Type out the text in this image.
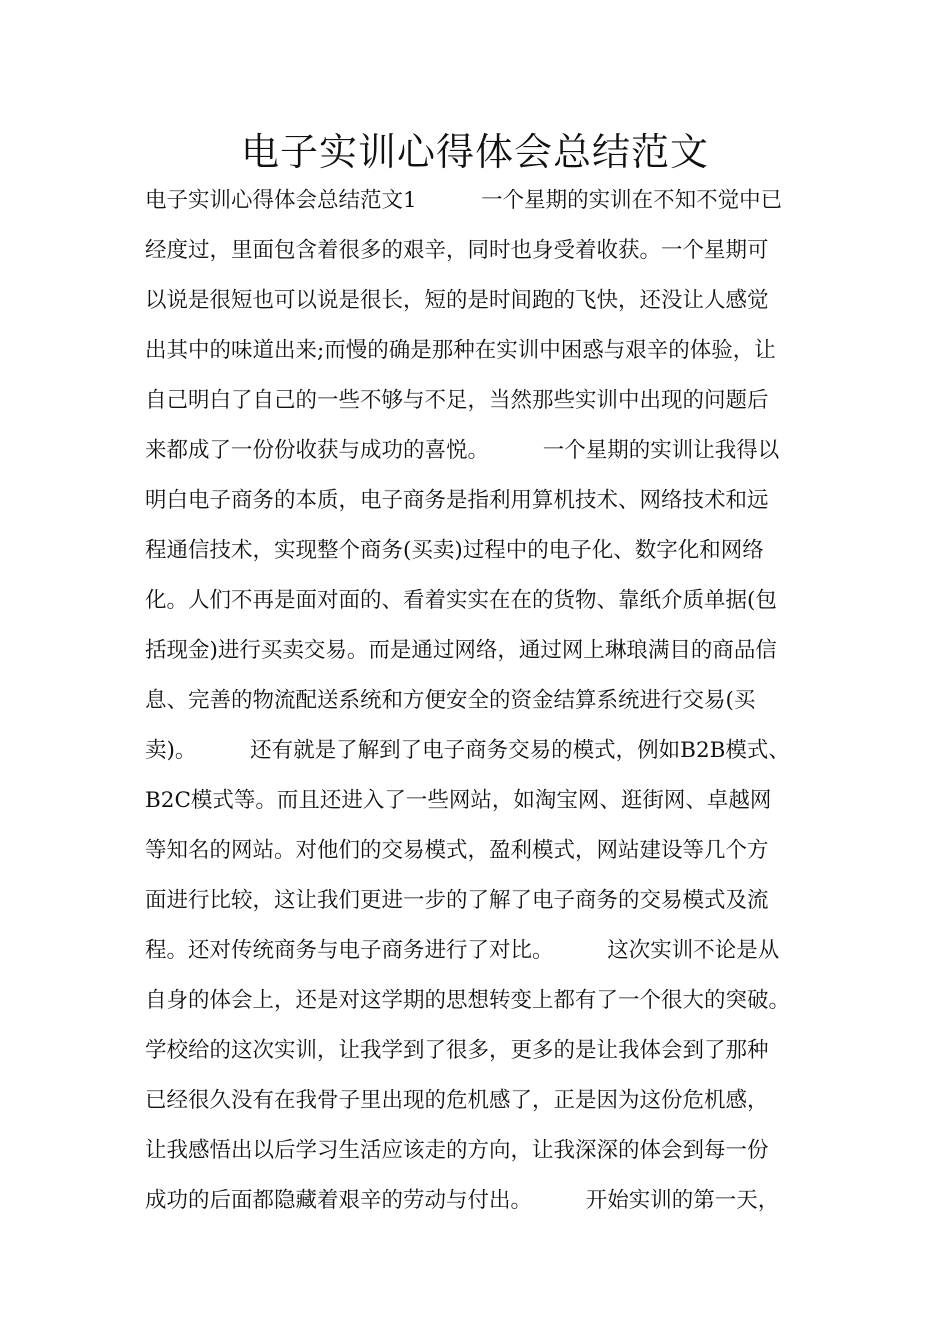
电子实训心得体会总结范文
电子实训心得体会总结范文1　　　一个星期的实训在不知不觉中已
经度过，里面包含着很多的艰辛，同时也身受着收获。一个星期可
以说是很短也可以说是很长，短的是时间跑的飞快，还没让人感觉
出其中的味道出来;而慢的确是那种在实训中困惑与艰辛的体验，让
自己明白了自己的一些不够与不足，当然那些实训中出现的问题后
来都成了一份份收获与成功的喜悦。　　　一个星期的实训让我得以
明白电子商务的本质，电子商务是指利用算机技术、网络技术和远
程通信技术，实现整个商务(买卖)过程中的电子化、数字化和网络
化。人们不再是面对面的、看着实实在在的货物、靠纸介质单据(包
括现金)进行买卖交易。而是通过网络，通过网上琳琅满目的商品信
息、完善的物流配送系统和方便安全的资金结算系统进行交易(买
卖)。　　　还有就是了解到了电子商务交易的模式，例如B2B模式、
B2C模式等。而且还进入了一些网站，如淘宝网、逛街网、卓越网
等知名的网站。对他们的交易模式，盈利模式，网站建设等几个方
面进行比较，这让我们更进一步的了解了电子商务的交易模式及流
程。还对传统商务与电子商务进行了对比。　　　这次实训不论是从
自身的体会上，还是对这学期的思想转变上都有了一个很大的突破。
学校给的这次实训，让我学到了很多，更多的是让我体会到了那种
已经很久没有在我骨子里出现的危机感了，正是因为这份危机感，
让我感悟出以后学习生活应该走的方向，让我深深的体会到每一份
成功的后面都隐藏着艰辛的劳动与付出。　　　开始实训的第一天，
